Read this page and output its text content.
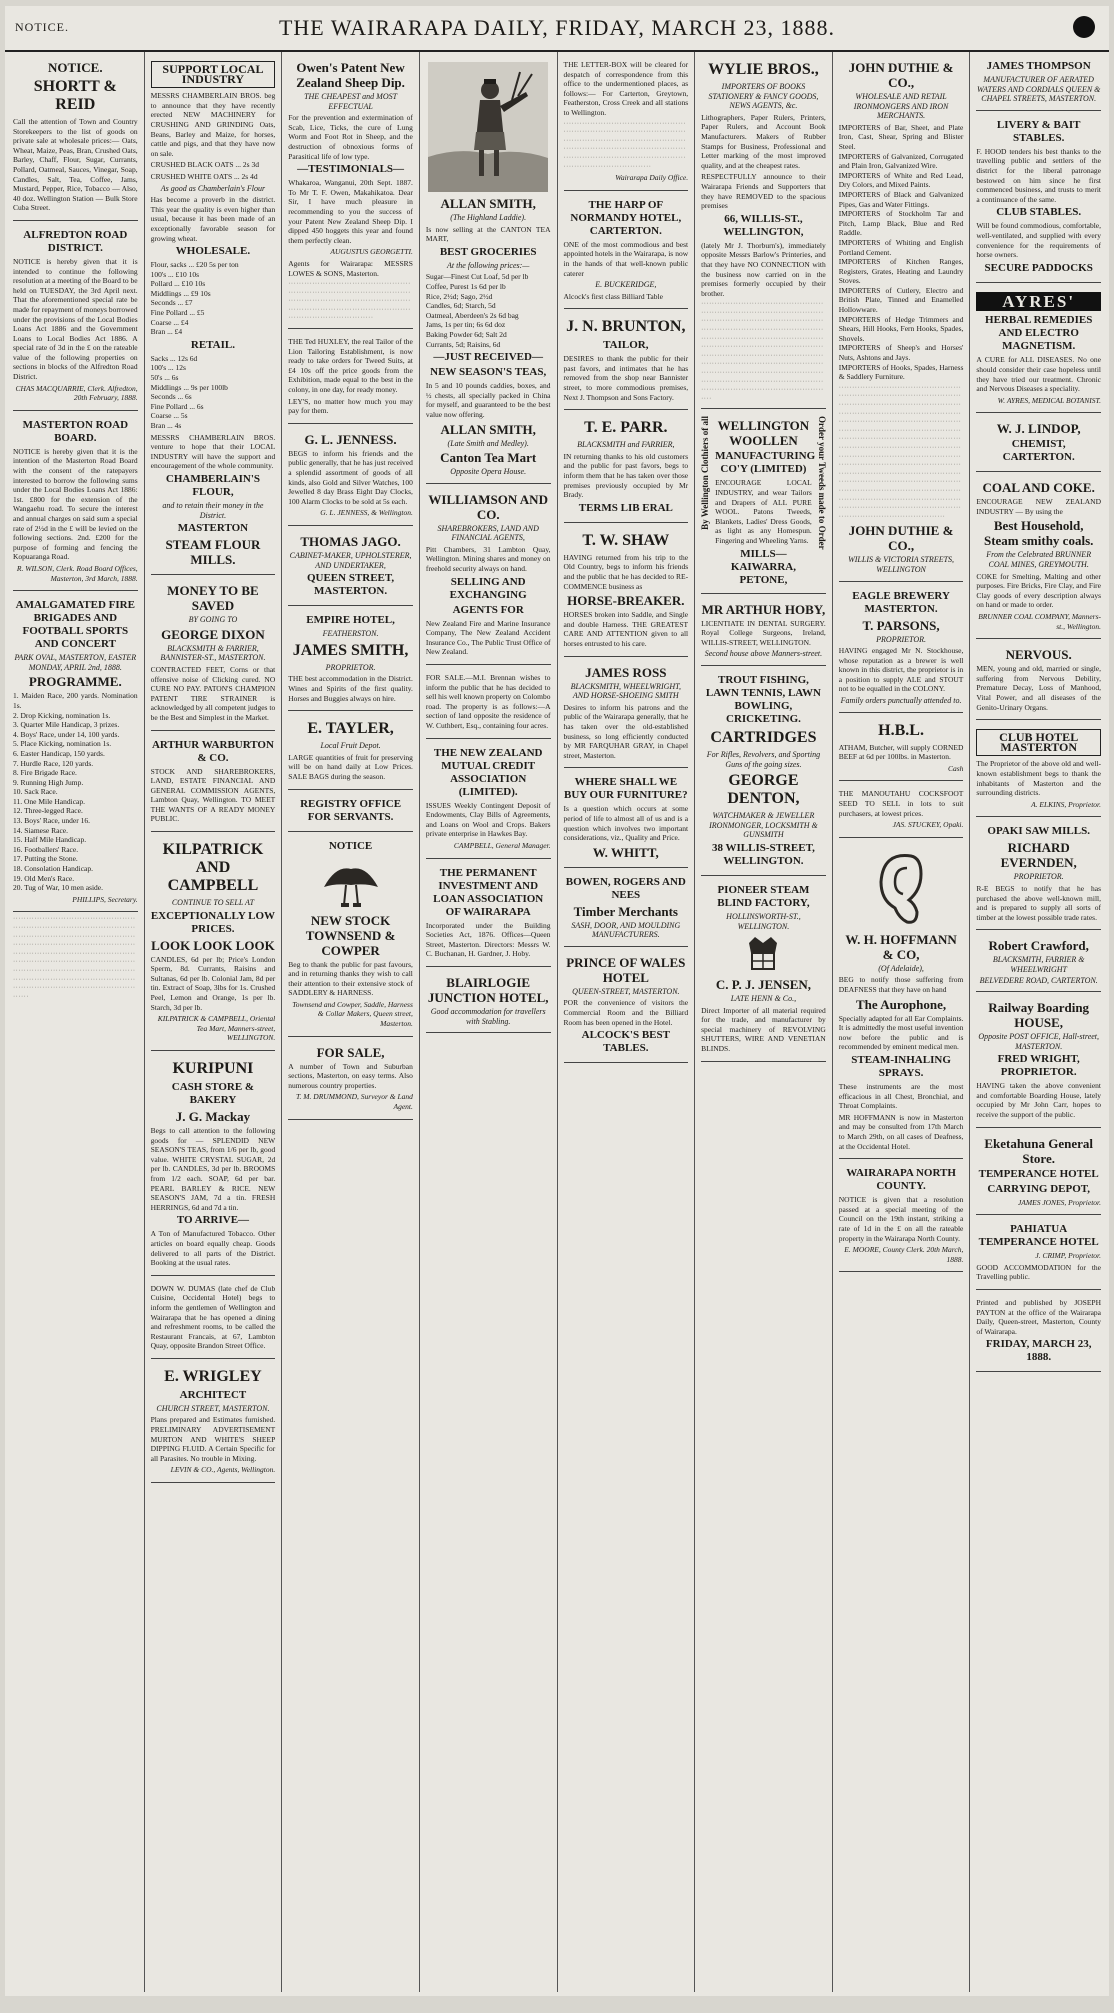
NOTICE.	THE WAIRARAPA DAILY, FRIDAY, MARCH 23, 1888.
NOTICE.
SHORTT & REID
Call the attention of Town and Country Storekeepers to the list of goods on private sale at wholesale prices:— Oats, Wheat, Maize, Peas, Bran, Crushed Oats, Barley, Chaff, Flour, Sugar, Currants, Pollard, Oatmeal, Sauces, Vinegar, Soap, Candles, Salt, Tea, Coffee, Jams, Mustard, Pepper, Rice, Tobacco — Also, 40 doz. Wellington Station — Bulk Store Cuba Street.
ALFREDTON ROAD DISTRICT.
NOTICE is hereby given that it is intended to continue the following resolution at a meeting of the Board to be held on TUESDAY, the 3rd April next. That the aforementioned special rate be made for repayment of moneys borrowed under the provisions of the Local Bodies Loans Act 1886 and the Government Loans to Local Bodies Act 1886. A special rate of 3d in the £ on the rateable value of the following properties on sections in blocks of the Alfredton Road District.
CHAS MACQUARRIE, Clerk. Alfredton, 20th February, 1888.
MASTERTON ROAD BOARD.
NOTICE is hereby given that it is the intention of the Masterton Road Board with the consent of the ratepayers interested to borrow the following sums under the Local Bodies Loans Act 1886: 1st. £800 for the extension of the Wangaehu road. To secure the interest and annual charges on said sum a special rate of 2½d in the £ will be levied on the following sections. 2nd. £200 for the purpose of forming and fencing the Kopuaranga Road.
R. WILSON, Clerk. Road Board Offices, Masterton, 3rd March, 1888.
AMALGAMATED FIRE BRIGADES AND FOOTBALL SPORTS AND CONCERT
PARK OVAL, MASTERTON, EASTER MONDAY, APRIL 2nd, 1888.
PROGRAMME.
1. Maiden Race, 200 yards. Nomination 1s.
2. Drop Kicking, nomination 1s.
3. Quarter Mile Handicap, 3 prizes.
4. Boys' Race, under 14, 100 yards.
5. Place Kicking, nomination 1s.
6. Easter Handicap, 150 yards.
7. Hurdle Race, 120 yards.
8. Fire Brigade Race.
9. Running High Jump.
10. Sack Race.
11. One Mile Handicap.
12. Three-legged Race.
13. Boys' Race, under 16.
14. Siamese Race.
15. Half Mile Handicap.
16. Footballers' Race.
17. Putting the Stone.
18. Consolation Handicap.
19. Old Men's Race.
20. Tug of War, 10 men aside.
PHILLIPS, Secretary.
····································································································································································································································································································································································································································
SUPPORT LOCAL INDUSTRY
MESSRS CHAMBERLAIN BROS. beg to announce that they have recently erected NEW MACHINERY for CRUSHING AND GRINDING Oats, Beans, Barley and Maize, for horses, cattle and pigs, and that they have now on sale.
CRUSHED BLACK OATS ... 2s 3d
CRUSHED WHITE OATS ... 2s 4d
As good as Chamberlain's Flour
Has become a proverb in the district. This year the quality is even higher than usual, because it has been made of an exceptionally favorable season for growing wheat.
WHOLESALE.
Flour, sacks ... £20 5s per ton
100's ... £10 10s
Pollard ... £10 10s
Middlings ... £9 10s
Seconds ... £7
Fine Pollard ... £5
Coarse ... £4
Bran ... £4
RETAIL.
Sacks ... 12s 6d
100's ... 12s
50's ... 6s
Middlings ... 9s per 100lb
Seconds ... 6s
Fine Pollard ... 6s
Coarse ... 5s
Bran ... 4s
MESSRS CHAMBERLAIN BROS. venture to hope that their LOCAL INDUSTRY will have the support and encouragement of the whole community.
CHAMBERLAIN'S FLOUR,
and to retain their money in the District.
MASTERTON
STEAM FLOUR MILLS.
MONEY TO BE SAVED
BY GOING TO
GEORGE DIXON
BLACKSMITH & FARRIER, BANNISTER-ST., MASTERTON.
CONTRACTED FEET, Corns or that offensive noise of Clicking cured. NO CURE NO PAY. PATON'S CHAMPION PATENT TIRE STRAINER is acknowledged by all competent judges to be the Best and Simplest in the Market.
ARTHUR WARBURTON & CO.
STOCK AND SHAREBROKERS, LAND, ESTATE FINANCIAL AND GENERAL COMMISSION AGENTS, Lambton Quay, Wellington. TO MEET THE WANTS OF A READY MONEY PUBLIC.
KILPATRICK AND CAMPBELL
CONTINUE TO SELL AT
EXCEPTIONALLY LOW PRICES.
LOOK LOOK LOOK
CANDLES, 6d per lb; Price's London Sperm, 8d. Currants, Raisins and Sultanas, 6d per lb. Colonial Jam, 8d per tin. Extract of Soap, 3lbs for 1s. Crushed Peel, Lemon and Orange, 1s per lb. Starch, 3d per lb.
KILPATRICK & CAMPBELL, Oriental Tea Mart, Manners-street, WELLINGTON.
KURIPUNI
CASH STORE & BAKERY
J. G. Mackay
Begs to call attention to the following goods for — SPLENDID NEW SEASON'S TEAS, from 1/6 per lb, good value. WHITE CRYSTAL SUGAR, 2d per lb. CANDLES, 3d per lb. BROOMS from 1/2 each. SOAP, 6d per bar. PEARL BARLEY & RICE. NEW SEASON'S JAM, 7d a tin. FRESH HERRINGS, 6d and 7d a tin.
TO ARRIVE—
A Ton of Manufactured Tobacco. Other articles on board equally cheap. Goods delivered to all parts of the District. Booking at the usual rates.
DOWN W. DUMAS (late chef de Club Cuisine, Occidental Hotel) begs to inform the gentlemen of Wellington and Wairarapa that he has opened a dining and refreshment rooms, to be called the Restaurant Francais, at 67, Lambton Quay, opposite Brandon Street Office.
E. WRIGLEY
ARCHITECT
CHURCH STREET, MASTERTON.
Plans prepared and Estimates furnished. PRELIMINARY ADVERTISEMENT MURTON AND WHITE'S SHEEP DIPPING FLUID. A Certain Specific for all Parasites. No trouble in Mixing.
LEVIN & CO., Agents, Wellington.
Owen's Patent New Zealand Sheep Dip.
THE CHEAPEST and MOST EFFECTUAL
For the prevention and extermination of Scab, Lice, Ticks, the cure of Lung Worm and Foot Rot in Sheep, and the destruction of obnoxious forms of Parasitical life of low type.
—TESTIMONIALS—
Whakaroa, Wanganui, 20th Sept. 1887. To Mr T. F. Owen, Makahikatoa. Dear Sir, I have much pleasure in recommending to you the success of your Patent New Zealand Sheep Dip. I dipped 450 hoggets this year and found them perfectly clean.
AUGUSTUS GEORGETTI.
Agents for Wairarapa: MESSRS LOWES & SONS, Masterton.
························································································································································································································
THE Ted HUXLEY, the real Tailor of the Lion Tailoring Establishment, is now ready to take orders for Tweed Suits, at £4 10s off the price goods from the Exhibition, made equal to the best in the colony, in one day, for ready money.
LEY'S, no matter how much you may pay for them.
G. L. JENNESS.
BEGS to inform his friends and the public generally, that he has just received a splendid assortment of goods of all kinds, also Gold and Silver Watches, 100 Jewelled 8 day Brass Eight Day Clocks, 100 Alarm Clocks to be sold at 5s each.
G. L. JENNESS, & Wellington.
THOMAS JAGO.
CABINET-MAKER, UPHOLSTERER, AND UNDERTAKER,
QUEEN STREET, MASTERTON.
EMPIRE HOTEL,
FEATHERSTON.
JAMES SMITH,
PROPRIETOR.
THE best accommodation in the District. Wines and Spirits of the first quality. Horses and Buggies always on hire.
E. TAYLER,
Local Fruit Depot.
LARGE quantities of fruit for preserving will be on hand daily at Low Prices. SALE BAGS during the season.
REGISTRY OFFICE FOR SERVANTS.
NOTICE
NEW STOCK TOWNSEND & COWPER
Beg to thank the public for past favours, and in returning thanks they wish to call their attention to their extensive stock of SADDLERY & HARNESS.
Townsend and Cowper, Saddle, Harness & Collar Makers, Queen street, Masterton.
FOR SALE,
A number of Town and Suburban sections, Masterton, on easy terms. Also numerous country properties.
T. M. DRUMMOND, Surveyor & Land Agent.
ALLAN SMITH,
(The Highland Laddie).
Is now selling at the CANTON TEA MART,
BEST GROCERIES
At the following prices:—
Sugar—Finest Cut Loaf, 5d per lb
Coffee, Purest 1s 6d per lb
Rice, 2½d; Sago, 2½d
Candles, 6d; Starch, 5d
Oatmeal, Aberdeen's 2s 6d bag
Jams, 1s per tin; 6s 6d doz
Baking Powder 6d; Salt 2d
Currants, 5d; Raisins, 6d
—JUST RECEIVED—
NEW SEASON'S TEAS,
In 5 and 10 pounds caddies, boxes, and ½ chests, all specially packed in China for myself, and guaranteed to be the best value now offering.
ALLAN SMITH,
(Late Smith and Medley).
Canton Tea Mart
Opposite Opera House.
WILLIAMSON AND CO.
SHAREBROKERS, LAND AND FINANCIAL AGENTS,
Pitt Chambers, 31 Lambton Quay, Wellington. Mining shares and money on freehold security always on hand.
SELLING AND EXCHANGING
AGENTS FOR
New Zealand Fire and Marine Insurance Company, The New Zealand Accident Insurance Co., The Public Trust Office of New Zealand.
FOR SALE.—M.I. Brennan wishes to inform the public that he has decided to sell his well known property on Colombo road. The property is as follows:—A section of land opposite the residence of W. Cuthbert, Esq., containing four acres.
THE NEW ZEALAND MUTUAL CREDIT ASSOCIATION (LIMITED).
ISSUES Weekly Contingent Deposit of Endowments, Clay Bills of Agreements, and Loans on Wool and Crops. Bakers private enterprise in Hawkes Bay.
CAMPBELL, General Manager.
THE PERMANENT INVESTMENT AND LOAN ASSOCIATION OF WAIRARAPA
Incorporated under the Building Societies Act, 1876. Offices—Queen Street, Masterton. Directors: Messrs W. C. Buchanan, H. Gardner, J. Hoby.
BLAIRLOGIE JUNCTION HOTEL,
Good accommodation for travellers with Stabling.
THE LETTER-BOX will be cleared for despatch of correspondence from this office to the undermentioned places, as follows:— For Carterton, Greytown, Featherston, Cross Creek and all stations to Wellington.
·······································································································································································································································································
Wairarapa Daily Office.
THE HARP OF NORMANDY HOTEL, CARTERTON.
ONE of the most commodious and best appointed hotels in the Wairarapa, is now in the hands of that well-known public caterer
E. BUCKERIDGE,
Alcock's first class Billiard Table
J. N. BRUNTON,
TAILOR,
DESIRES to thank the public for their past favors, and intimates that he has removed from the shop near Bannister street, to more commodious premises, Next J. Thompson and Sons Factory.
T. E. PARR.
BLACKSMITH and FARRIER,
IN returning thanks to his old customers and the public for past favors, begs to inform them that he has taken over those premises previously occupied by Mr Brady.
TERMS LIB ERAL
T. W. SHAW
HAVING returned from his trip to the Old Country, begs to inform his friends and the public that he has decided to RE-COMMENCE business as
HORSE-BREAKER.
HORSES broken into Saddle, and Single and double Harness. THE GREATEST CARE AND ATTENTION given to all horses entrusted to his care.
JAMES ROSS
BLACKSMITH, WHEELWRIGHT, AND HORSE-SHOEING SMITH
Desires to inform his patrons and the public of the Wairarapa generally, that he has taken over the old-established business, so long efficiently conducted by MR FARQUHAR GRAY, in Chapel street, Masterton.
WHERE SHALL WE BUY OUR FURNITURE?
Is a question which occurs at some period of life to almost all of us and is a question which involves two important considerations, viz., Quality and Price.
W. WHITT,
BOWEN, ROGERS AND NEES
Timber Merchants
SASH, DOOR, AND MOULDING MANUFACTURERS.
PRINCE OF WALES HOTEL
QUEEN-STREET, MASTERTON.
POR the convenience of visitors the Commercial Room and the Billiard Room has been opened in the Hotel.
ALCOCK'S BEST TABLES.
WYLIE BROS.,
IMPORTERS OF BOOKS STATIONERY & FANCY GOODS, NEWS AGENTS, &c.
Lithographers, Paper Rulers, Printers, Paper Rulers, and Account Book Manufacturers. Makers of Rubber Stamps for Business, Professional and Letter marking of the most improved quality, and at the cheapest rates.
RESPECTFULLY announce to their Wairarapa Friends and Supporters that they have REMOVED to the spacious premises
66, WILLIS-ST., WELLINGTON,
(lately Mr J. Thorburn's), immediately opposite Messrs Barlow's Printeries, and that they have NO CONNECTION with the business now carried on in the premises formerly occupied by their brother.
······························································································································································································································································································································································································································································································································
By Wellington Clothiers of all	Order your Tweeds made to Order
WELLINGTON WOOLLEN
MANUFACTURING CO'Y (LIMITED)
ENCOURAGE LOCAL INDUSTRY, and wear Tailors and Drapers of ALL PURE WOOL. Patons Tweeds, Blankets, Ladies' Dress Goods, as light as any Homespun. Fingering and Wheeling Yarns.
MILLS—KAIWARRA, PETONE,
MR ARTHUR HOBY,
LICENTIATE IN DENTAL SURGERY. Royal College Surgeons, Ireland, WILLIS-STREET, WELLINGTON.
Second house above Manners-street.
TROUT FISHING, LAWN TENNIS, LAWN BOWLING, CRICKETING.
CARTRIDGES
For Rifles, Revolvers, and Sporting Guns of the going sizes.
GEORGE DENTON,
WATCHMAKER & JEWELLER IRONMONGER, LOCKSMITH & GUNSMITH
38 WILLIS-STREET, WELLINGTON.
PIONEER STEAM BLIND FACTORY,
HOLLINSWORTH-ST., WELLINGTON.
C. P. J. JENSEN,
LATE HENN & Co.,
Direct Importer of all material required for the trade, and manufacturer by special machinery of REVOLVING SHUTTERS, WIRE AND VENETIAN BLINDS.
JOHN DUTHIE & CO.,
WHOLESALE AND RETAIL IRONMONGERS AND IRON MERCHANTS.
IMPORTERS of Bar, Sheet, and Plate Iron, Cast, Shear, Spring and Blister Steel.
IMPORTERS of Galvanized, Corrugated and Plain Iron, Galvanized Wire.
IMPORTERS of White and Red Lead, Dry Colors, and Mixed Paints.
IMPORTERS of Black and Galvanized Pipes, Gas and Water Fittings.
IMPORTERS of Stockholm Tar and Pitch, Lamp Black, Blue and Red Raddle.
IMPORTERS of Whiting and English Portland Cement.
IMPORTERS of Kitchen Ranges, Registers, Grates, Heating and Laundry Stoves.
IMPORTERS of Cutlery, Electro and British Plate, Tinned and Enamelled Hollowware.
IMPORTERS of Hedge Trimmers and Shears, Hill Hooks, Fern Hooks, Spades, Shovels.
IMPORTERS of Sheep's and Horses' Nuts, Ashtons and Jays.
IMPORTERS of Hooks, Spades, Harness & Saddlery Furniture.
··························································································································································································································································································································································································································································································································································································································································································································································
JOHN DUTHIE & CO.,
WILLIS & VICTORIA STREETS, WELLINGTON
EAGLE BREWERY MASTERTON.
T. PARSONS,
PROPRIETOR.
HAVING engaged Mr N. Stockhouse, whose reputation as a brewer is well known in this district, the proprietor is in a position to supply ALE and STOUT not to be equalled in the COLONY.
Family orders punctually attended to.
H.B.L.
ATHAM, Butcher, will supply CORNED BEEF at 6d per 100lbs. in Masterton.
Cash
THE MANOUTAHU COCKSFOOT SEED TO SELL in lots to suit purchasers, at lowest prices.
JAS. STUCKEY, Opaki.
W. H. HOFFMANN & CO,
(Of Adelaide),
BEG to notify those suffering from DEAFNESS that they have on hand
The Aurophone,
Specially adapted for all Ear Complaints. It is admittedly the most useful invention now before the public and is recommended by eminent medical men.
STEAM-INHALING SPRAYS.
These instruments are the most efficacious in all Chest, Bronchial, and Throat Complaints.
MR HOFFMANN is now in Masterton and may be consulted from 17th March to March 29th, on all cases of Deafness, at the Occidental Hotel.
WAIRARAPA NORTH COUNTY.
NOTICE is given that a resolution passed at a special meeting of the Council on the 19th instant, striking a rate of 1d in the £ on all the rateable property in the Wairarapa North County.
E. MOORE, County Clerk. 20th March, 1888.
JAMES THOMPSON
MANUFACTURER OF AERATED WATERS AND CORDIALS QUEEN & CHAPEL STREETS, MASTERTON.
LIVERY & BAIT STABLES.
F. HOOD tenders his best thanks to the travelling public and settlers of the district for the liberal patronage bestowed on him since he first commenced business, and trusts to merit a continuance of the same.
CLUB STABLES.
Will be found commodious, comfortable, well-ventilated, and supplied with every convenience for the requirements of horse owners.
SECURE PADDOCKS
AYRES'
HERBAL REMEDIES AND ELECTRO MAGNETISM.
A CURE for ALL DISEASES. No one should consider their case hopeless until they have tried our treatment. Chronic and Nervous Diseases a speciality.
W. AYRES, MEDICAL BOTANIST.
W. J. LINDOP,
CHEMIST, CARTERTON.
COAL AND COKE.
ENCOURAGE NEW ZEALAND INDUSTRY — By using the
Best Household, Steam smithy coals.
From the Celebrated BRUNNER COAL MINES, GREYMOUTH.
COKE for Smelting, Malting and other purposes. Fire Bricks, Fire Clay, and Fire Clay goods of every description always on hand or made to order.
BRUNNER COAL COMPANY, Manners-st., Wellington.
NERVOUS.
MEN, young and old, married or single, suffering from Nervous Debility, Premature Decay, Loss of Manhood, Vital Power, and all diseases of the Genito-Urinary Organs.
CLUB HOTEL MASTERTON
The Proprietor of the above old and well-known establishment begs to thank the inhabitants of Masterton and the surrounding districts.
A. ELKINS, Proprietor.
OPAKI SAW MILLS.
RICHARD EVERNDEN,
PROPRIETOR.
R-E BEGS to notify that he has purchased the above well-known mill, and is prepared to supply all sorts of timber at the lowest possible trade rates.
Robert Crawford,
BLACKSMITH, FARRIER & WHEELWRIGHT
BELVEDERE ROAD, CARTERTON.
Railway Boarding HOUSE,
Opposite POST OFFICE, Hall-street, MASTERTON.
FRED WRIGHT, PROPRIETOR.
HAVING taken the above convenient and comfortable Boarding House, lately occupied by Mr John Carr, hopes to receive the support of the public.
Eketahuna General Store.
TEMPERANCE HOTEL
CARRYING DEPOT,
JAMES JONES, Proprietor.
PAHIATUA TEMPERANCE HOTEL
J. CRIMP, Proprietor.
GOOD ACCOMMODATION for the Travelling public.
Printed and published by JOSEPH PAYTON at the office of the Wairarapa Daily, Queen-street, Masterton, County of Wairarapa.
FRIDAY, MARCH 23, 1888.
